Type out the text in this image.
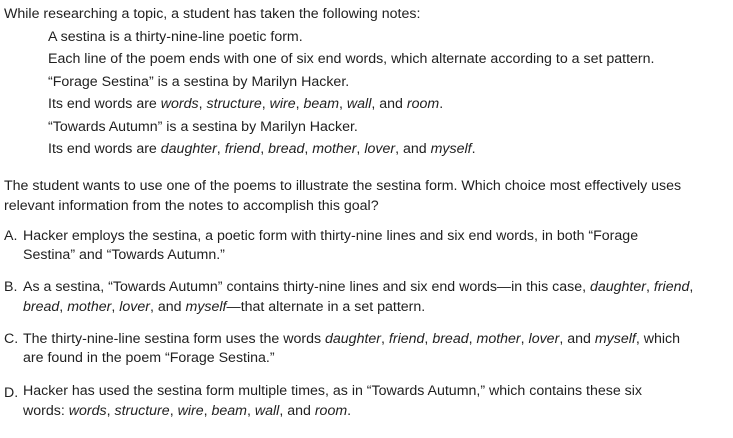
While researching a topic, a student has taken the following notes:
A sestina is a thirty-nine-line poetic form.
Each line of the poem ends with one of six end words, which alternate according to a set pattern.
“Forage Sestina” is a sestina by Marilyn Hacker.
Its end words are words, structure, wire, beam, wall, and room.
“Towards Autumn” is a sestina by Marilyn Hacker.
Its end words are daughter, friend, bread, mother, lover, and myself.
The student wants to use one of the poems to illustrate the sestina form. Which choice most effectively uses
relevant information from the notes to accomplish this goal?
A. Hacker employs the sestina, a poetic form with thirty-nine lines and six end words, in both “Forage
Sestina” and “Towards Autumn.”
B. As a sestina, “Towards Autumn” contains thirty-nine lines and six end words—in this case, daughter, friend,
bread, mother, lover, and myself—that alternate in a set pattern.
C. The thirty-nine-line sestina form uses the words daughter, friend, bread, mother, lover, and myself, which
are found in the poem “Forage Sestina.”
D. Hacker has used the sestina form multiple times, as in “Towards Autumn,” which contains these six
words: words, structure, wire, beam, wall, and room.
